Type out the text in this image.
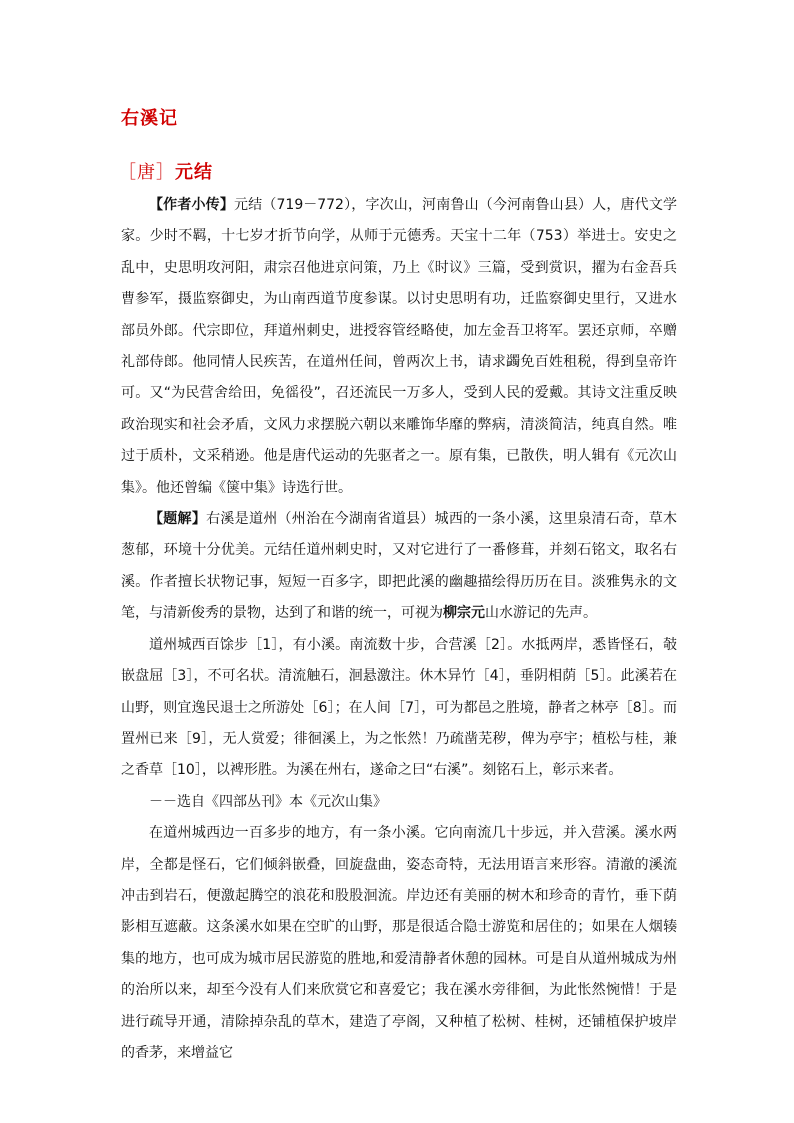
右溪记
［唐］元结

【作者小传】元结（719－772），字次山，河南鲁山（今河南鲁山县）人，唐代文学家。少时不羁，十七岁才折节向学，从师于元德秀。天宝十二年（753）举进士。安史之乱中，史思明攻河阳，肃宗召他进京问策，乃上《时议》三篇，受到赏识，擢为右金吾兵曹参军，摄监察御史，为山南西道节度参谋。以讨史思明有功，迁监察御史里行，又进水部员外郎。代宗即位，拜道州刺史，进授容管经略使，加左金吾卫将军。罢还京师，卒赠礼部侍郎。他同情人民疾苦，在道州任间，曾两次上书，请求蠲免百姓租税，得到皇帝许可。又“为民营舍给田，免徭役”，召还流民一万多人，受到人民的爱戴。其诗文注重反映政治现实和社会矛盾，文风力求摆脱六朝以来雕饰华靡的弊病，清淡简洁，纯真自然。唯过于质朴，文采稍逊。他是唐代运动的先驱者之一。原有集，已散佚，明人辑有《元次山集》。他还曾编《箧中集》诗选行世。

【题解】右溪是道州（州治在今湖南省道县）城西的一条小溪，这里泉清石奇，草木葱郁，环境十分优美。元结任道州刺史时，又对它进行了一番修葺，并刻石铭文，取名右溪。作者擅长状物记事，短短一百多字，即把此溪的幽趣描绘得历历在目。淡雅隽永的文笔，与清新俊秀的景物，达到了和谐的统一，可视为柳宗元山水游记的先声。

道州城西百馀步［1］，有小溪。南流数十步，合营溪［2］。水抵两岸，悉皆怪石，攲嵌盘屈［3］，不可名状。清流触石，洄悬激注。休木异竹［4］，垂阴相荫［5］。此溪若在山野，则宜逸民退士之所游处［6］；在人间［7］，可为都邑之胜境，静者之林亭［8］。而置州已来［9］，无人赏爱；徘徊溪上，为之怅然！乃疏凿芜秽，俾为亭宇；植松与桂，兼之香草［10］，以裨形胜。为溪在州右，遂命之曰“右溪”。刻铭石上，彰示来者。

－－选自《四部丛刊》本《元次山集》

在道州城西边一百多步的地方，有一条小溪。它向南流几十步远，并入营溪。溪水两岸，全都是怪石，它们倾斜嵌叠，回旋盘曲，姿态奇特，无法用语言来形容。清澈的溪流冲击到岩石，便激起腾空的浪花和股股洄流。岸边还有美丽的树木和珍奇的青竹，垂下荫影相互遮蔽。这条溪水如果在空旷的山野，那是很适合隐士游览和居住的；如果在人烟辏集的地方，也可成为城市居民游览的胜地,和爱清静者休憩的园林。可是自从道州城成为州的治所以来，却至今没有人们来欣赏它和喜爱它；我在溪水旁徘徊，为此怅然惋惜！于是进行疏导开通，清除掉杂乱的草木，建造了亭阁，又种植了松树、桂树，还铺植保护坡岸的香茅，来增益它
